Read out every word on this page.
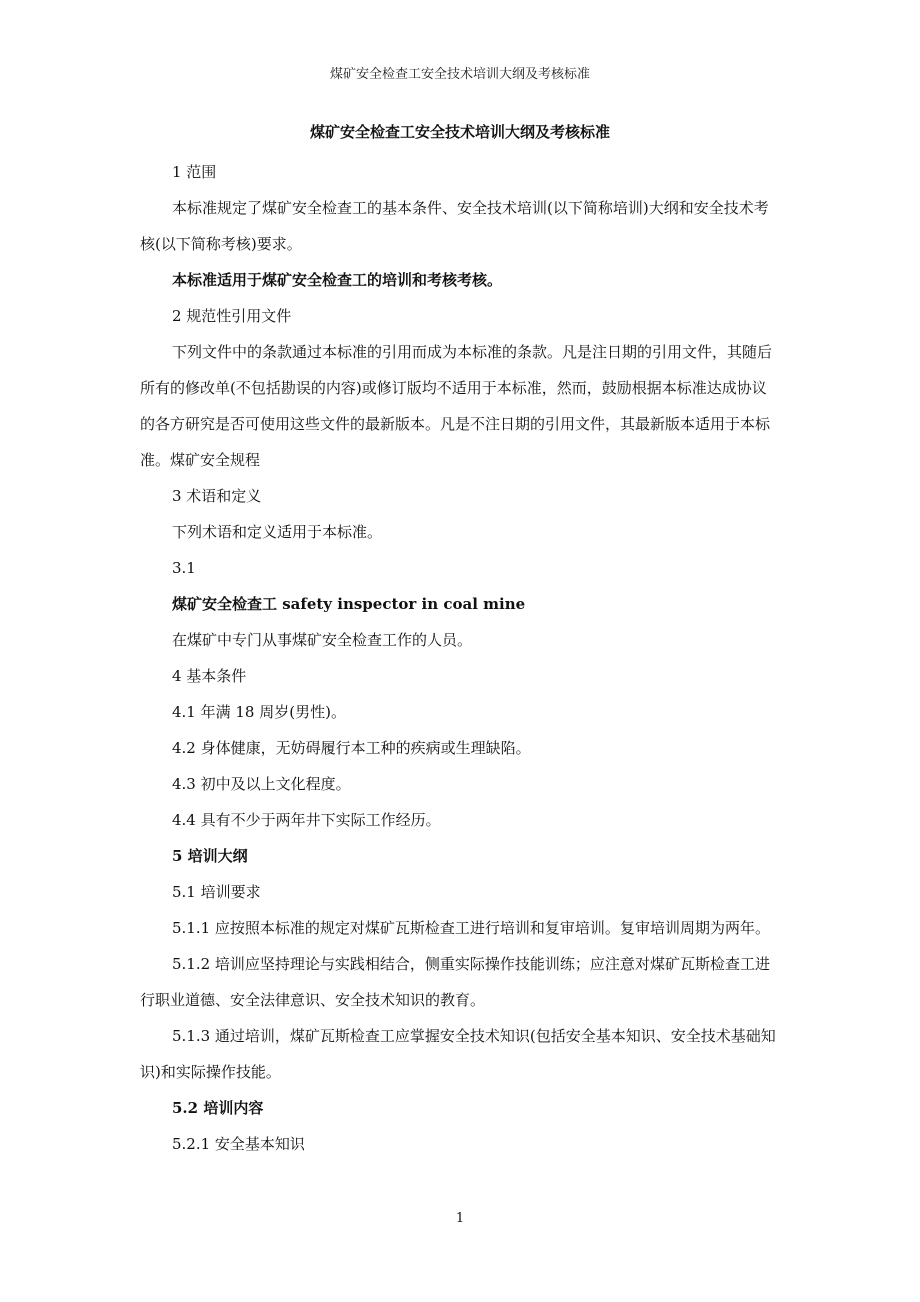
煤矿安全检查工安全技术培训大纲及考核标准
煤矿安全检查工安全技术培训大纲及考核标准

1 范围

本标准规定了煤矿安全检查工的基本条件、安全技术培训(以下简称培训)大纲和安全技术考核(以下简称考核)要求。

本标准适用于煤矿安全检查工的培训和考核考核。

2 规范性引用文件

下列文件中的条款通过本标准的引用而成为本标准的条款。凡是注日期的引用文件，其随后所有的修改单(不包括勘误的内容)或修订版均不适用于本标准，然而，鼓励根据本标准达成协议的各方研究是否可使用这些文件的最新版本。凡是不注日期的引用文件，其最新版本适用于本标准。煤矿安全规程

3 术语和定义

下列术语和定义适用于本标准。

3.1

煤矿安全检查工 safety inspector in coal mine

在煤矿中专门从事煤矿安全检查工作的人员。

4 基本条件

4.1 年满 18 周岁(男性)。

4.2 身体健康，无妨碍履行本工种的疾病或生理缺陷。

4.3 初中及以上文化程度。

4.4 具有不少于两年井下实际工作经历。

5 培训大纲

5.1 培训要求

5.1.1 应按照本标准的规定对煤矿瓦斯检查工进行培训和复审培训。复审培训周期为两年。

5.1.2 培训应坚持理论与实践相结合，侧重实际操作技能训练；应注意对煤矿瓦斯检查工进行职业道德、安全法律意识、安全技术知识的教育。

5.1.3 通过培训，煤矿瓦斯检查工应掌握安全技术知识(包括安全基本知识、安全技术基础知识)和实际操作技能。

5.2 培训内容

5.2.1 安全基本知识

1
